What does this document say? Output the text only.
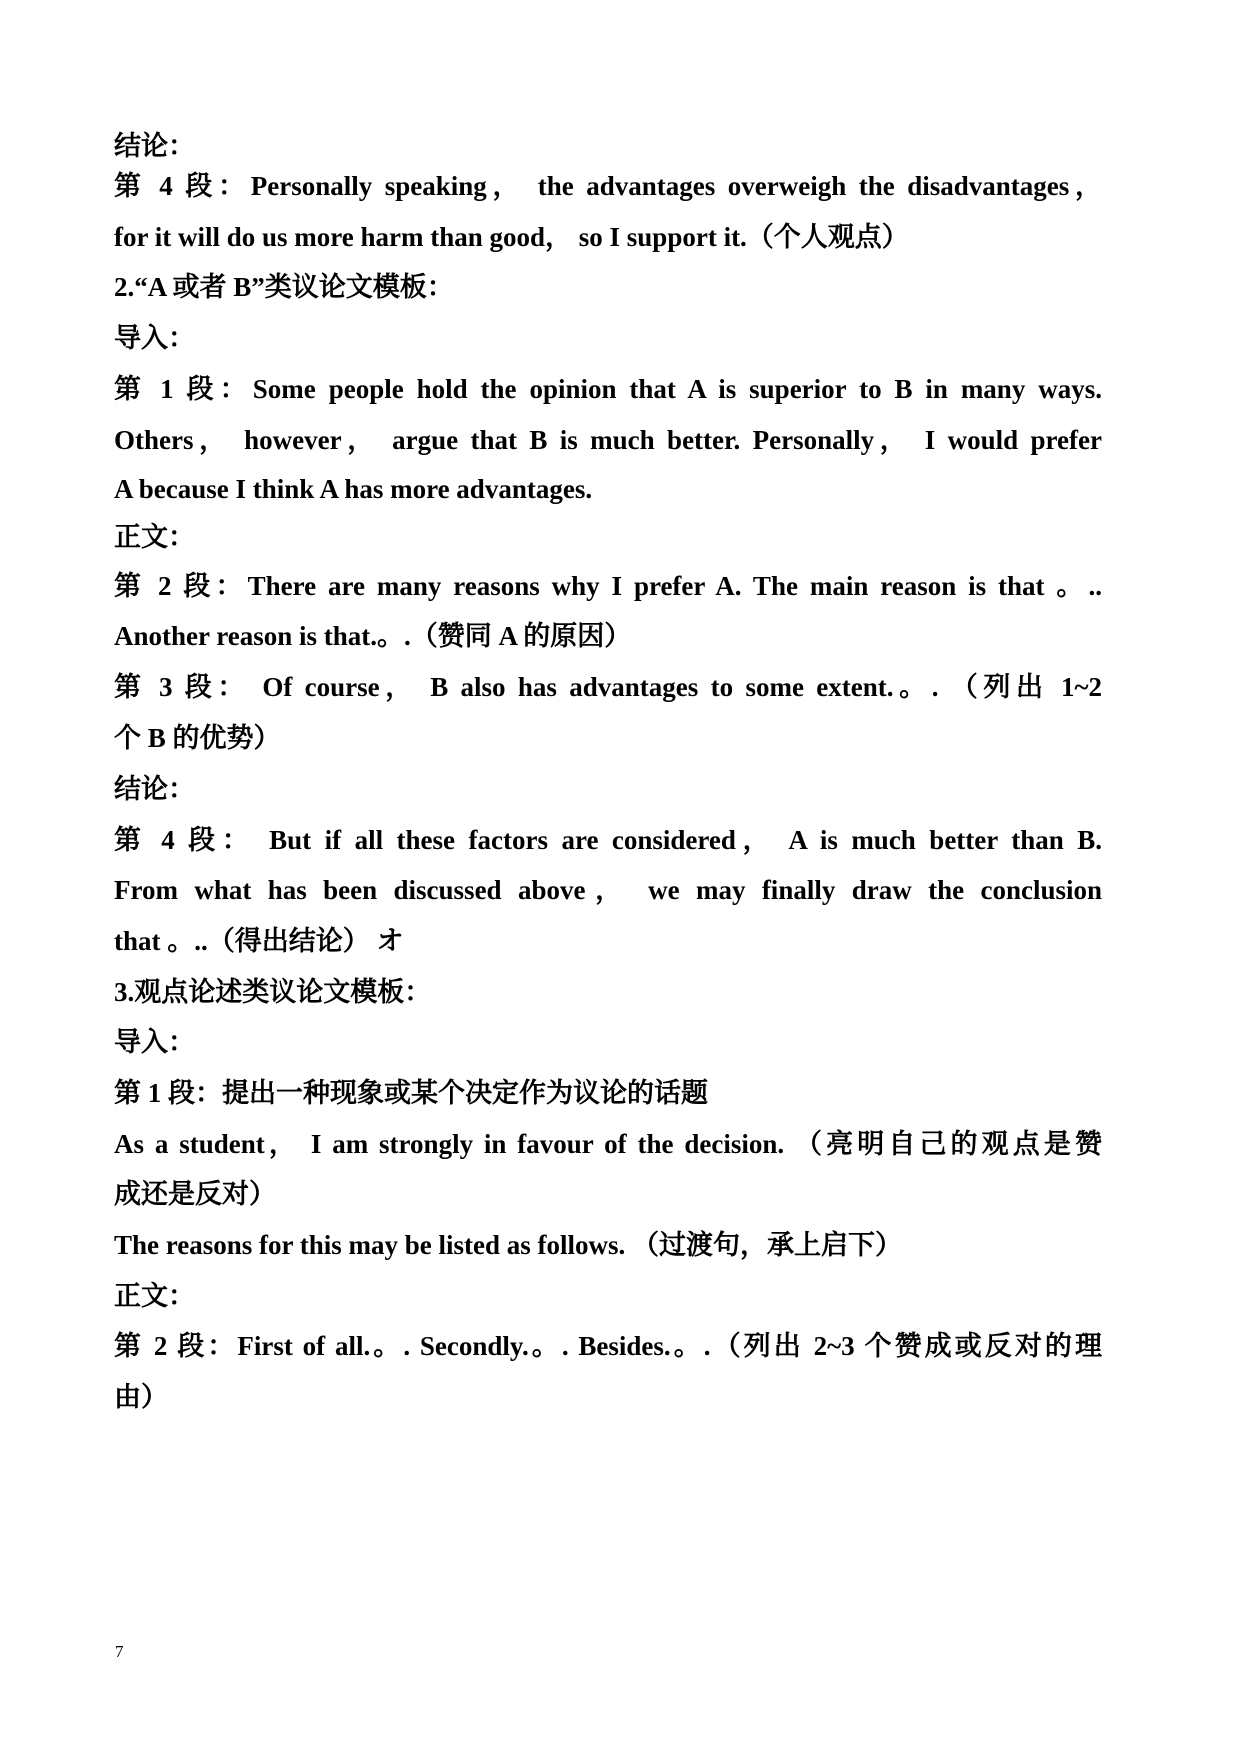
结论：

第 4 段：Personally speaking， the advantages overweigh the disadvantages，

for it will do us more harm than good， so I support it.（个人观点）

2.“A 或者 B”类议论文模板：

导入：

第 1 段：Some people hold the opinion that A is superior to B in many ways.

Others， however， argue that B is much better. Personally， I would prefer

A because I think A has more advantages.

正文：

第 2 段：There are many reasons why I prefer A. The main reason is that 。..

Another reason is that.。.（赞同 A 的原因）

第 3 段： Of course， B also has advantages to some extent.。. （列出 1~2

个 B 的优势）

结论：

第 4 段： But if all these factors are considered， A is much better than B.

From what has been discussed above， we may finally draw the conclusion

that 。..（得出结论） オ

3.观点论述类议论文模板：

导入：

第 1 段：提出一种现象或某个决定作为议论的话题

As a student， I am strongly in favour of the decision. （亮明自己的观点是赞

成还是反对）

The reasons for this may be listed as follows. （过渡句，承上启下）

正文：

第 2 段：First of all.。. Secondly.。. Besides.。.（列出 2~3 个赞成或反对的理

由）

7
